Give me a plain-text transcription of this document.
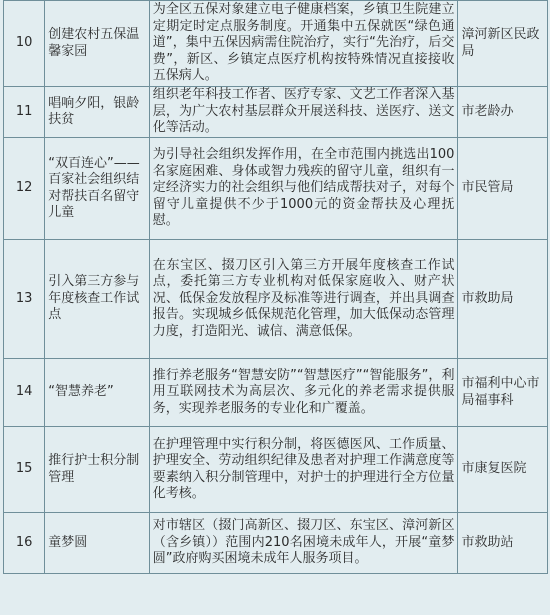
10	创建农村五保温馨家园	为全区五保对象建立电子健康档案，乡镇卫生院建立定期定时定点服务制度。开通集中五保就医“绿色通道”，集中五保因病需住院治疗，实行“先治疗，后交费”，新区、乡镇定点医疗机构按特殊情况直接接收五保病人。	漳河新区民政局

11	唱响夕阳，银龄扶贫	组织老年科技工作者、医疗专家、文艺工作者深入基层，为广大农村基层群众开展送科技、送医疗、送文化等活动。	市老龄办

12	“双百连心”——百家社会组织结对帮扶百名留守儿童	为引导社会组织发挥作用，在全市范围内挑选出100名家庭困难、身体或智力残疾的留守儿童，组织有一定经济实力的社会组织与他们结成帮扶对子，对每个留守儿童提供不少于1000元的资金帮扶及心理抚慰。	市民管局

13	引入第三方参与年度核查工作试点	在东宝区、掇刀区引入第三方开展年度核查工作试点，委托第三方专业机构对低保家庭收入、财产状况、低保金发放程序及标准等进行调查，并出具调查报告。实现城乡低保规范化管理，加大低保动态管理力度，打造阳光、诚信、满意低保。	市救助局

14	“智慧养老”	推行养老服务“智慧安防”“智慧医疗”“智能服务”，利用互联网技术为高层次、多元化的养老需求提供服务，实现养老服务的专业化和广覆盖。	市福利中心市局福事科

15	推行护士积分制管理	在护理管理中实行积分制，将医德医风、工作质量、护理安全、劳动组织纪律及患者对护理工作满意度等要素纳入积分制管理中，对护士的护理进行全方位量化考核。	市康复医院

16	童梦圆	对市辖区（掇门高新区、掇刀区、东宝区、漳河新区（含乡镇））范围内210名困境未成年人，开展“童梦圆”政府购买困境未成年人服务项目。	市救助站
